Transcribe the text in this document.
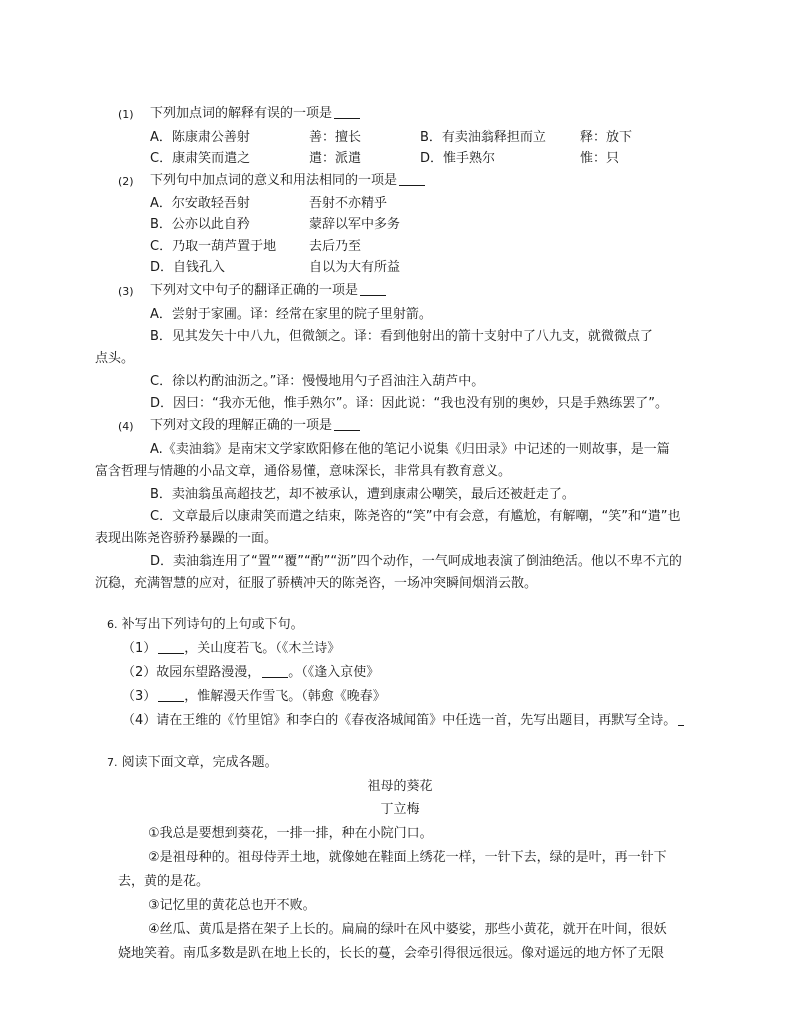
(1) 下列加点词的解释有误的一项是
A．陈康肃公善射	善：擅长	B．有卖油翁释担而立	释：放下
C．康肃笑而遣之	遣：派遣	D．惟手熟尔	惟：只
(2) 下列句中加点词的意义和用法相同的一项是
A．尔安敢轻吾射	吾射不亦精乎
B．公亦以此自矜	蒙辞以军中多务
C．乃取一葫芦置于地	去后乃至
D．自钱孔入	自以为大有所益
(3) 下列对文中句子的翻译正确的一项是
A．尝射于家圃。译：经常在家里的院子里射箭。
B．见其发矢十中八九，但微颔之。译：看到他射出的箭十支射中了八九支，就微微点了
点头。
C．徐以杓酌油沥之。”译：慢慢地用勺子舀油注入葫芦中。
D．因曰：“我亦无他，惟手熟尔”。译：因此说：“我也没有别的奥妙，只是手熟练罢了”。
(4) 下列对文段的理解正确的一项是
A.《卖油翁》是南宋文学家欧阳修在他的笔记小说集《归田录》中记述的一则故事，是一篇
富含哲理与情趣的小品文章，通俗易懂，意味深长，非常具有教育意义。
B．卖油翁虽高超技艺，却不被承认，遭到康肃公嘲笑，最后还被赶走了。
C．文章最后以康肃笑而遣之结束，陈尧咨的“笑”中有会意，有尴尬，有解嘲，“笑”和“遣”也
表现出陈尧咨骄矜暴躁的一面。
D．卖油翁连用了“置”“覆”“酌”“沥”四个动作，一气呵成地表演了倒油绝活。他以不卑不亢的
沉稳，充满智慧的应对，征服了骄横冲天的陈尧咨，一场冲突瞬间烟消云散。
6. 补写出下列诗句的上句或下句。
（1） ，关山度若飞。（《木兰诗》
（2）故园东望路漫漫， 。（《逢入京使》
（3） ，惟解漫天作雪飞。（韩愈《晚春》
（4）请在王维的《竹里馆》和李白的《春夜洛城闻笛》中任选一首，先写出题目，再默写全诗。
7. 阅读下面文章，完成各题。
祖母的葵花
丁立梅
①我总是要想到葵花，一排一排，种在小院门口。
②是祖母种的。祖母侍弄土地，就像她在鞋面上绣花一样，一针下去，绿的是叶，再一针下
去，黄的是花。
③记忆里的黄花总也开不败。
④丝瓜、黄瓜是搭在架子上长的。扁扁的绿叶在风中婆娑，那些小黄花，就开在叶间，很妖
娆地笑着。南瓜多数是趴在地上长的，长长的蔓，会牵引得很远很远。像对遥远的地方怀了无限
